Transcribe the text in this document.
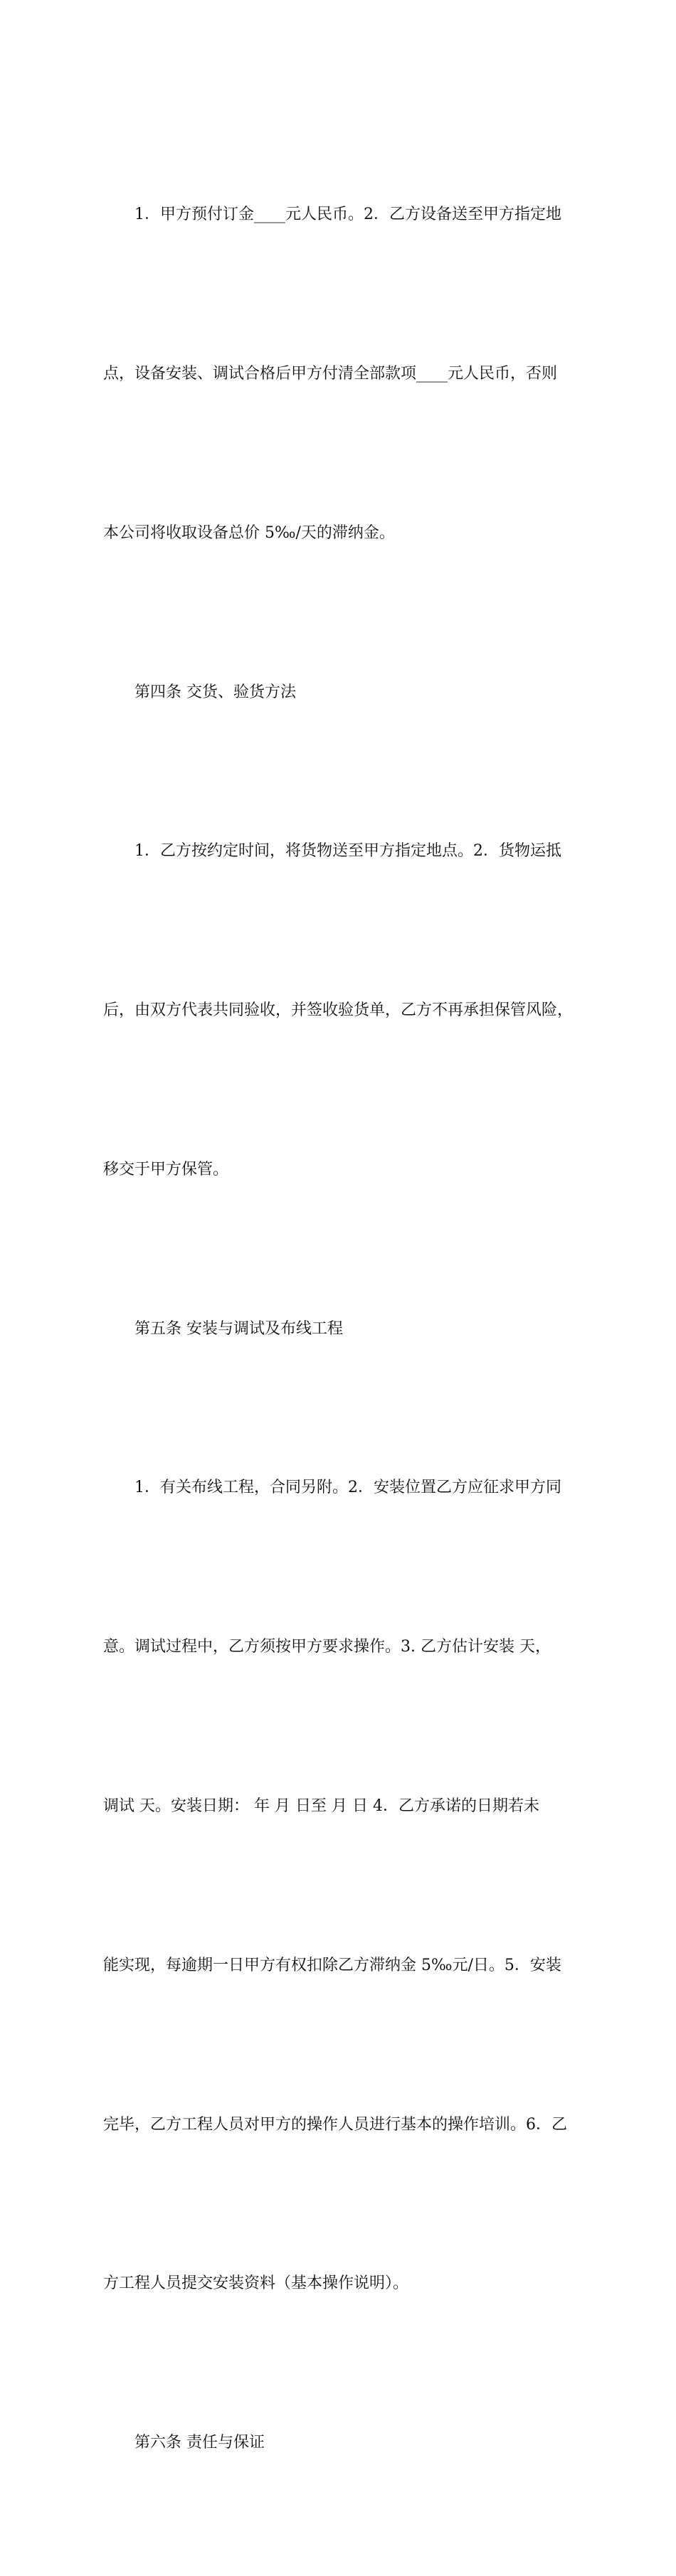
1．甲方预付订金____元人民币。2．乙方设备送至甲方指定地

点，设备安装、调试合格后甲方付清全部款项____元人民币，否则

本公司将收取设备总价 5‰/天的滞纳金。

第四条 交货、验货方法

1．乙方按约定时间，将货物送至甲方指定地点。2．货物运抵

后，由双方代表共同验收，并签收验货单，乙方不再承担保管风险，

移交于甲方保管。

第五条 安装与调试及布线工程

1．有关布线工程，合同另附。2．安装位置乙方应征求甲方同

意。调试过程中，乙方须按甲方要求操作。3. 乙方估计安装 天，

调试 天。安装日期： 年 月 日至 月 日 4．乙方承诺的日期若未

能实现，每逾期一日甲方有权扣除乙方滞纳金 5‰元/日。5．安装

完毕，乙方工程人员对甲方的操作人员进行基本的操作培训。6．乙

方工程人员提交安装资料（基本操作说明）。

第六条 责任与保证
